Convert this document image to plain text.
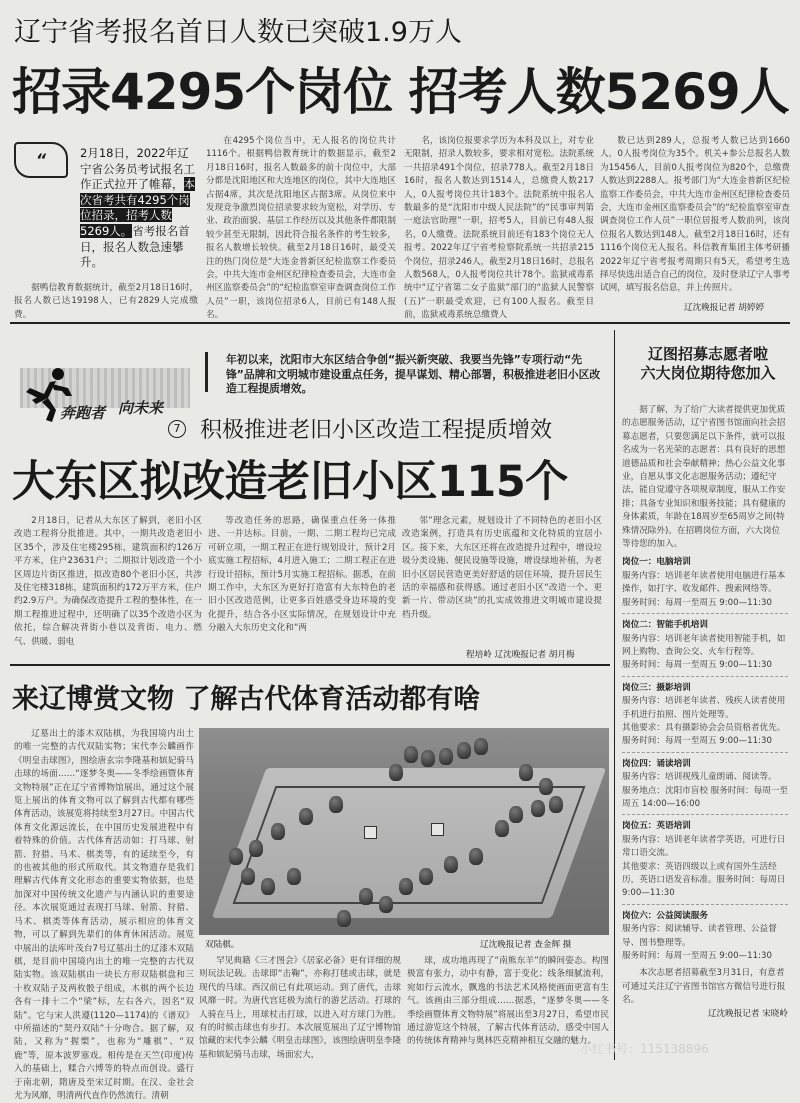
辽宁省考报名首日人数已突破1.9万人
招录4295个岗位 招考人数5269人
“	2月18日，2022年辽宁省公务员考试报名工作正式拉开了帷幕，本次省考共有4295个岗位招录，招考人数5269人。省考报名首日，报名人数急速攀升。

据鸭信教育数据统计，截至2月18日16时，报名人数已达19198人，已有2829人完成缴费。

在4295个岗位当中，无人报名的岗位共计1116个。根据鸭信教育统计的数据显示，截至2月18日16时，报名人数最多的前十岗位中，大部分都是沈阳地区和大连地区的岗位，其中大连地区占据4席，其次是沈阳地区占据3席。从岗位来中发现竞争激烈岗位招录要求较为宽松，对学历、专业、政治面貌、基层工作经历以及其他条件都限制较少甚至无限制，因此符合报名条件的考生较多，报名人数增长较快。截至2月18日16时，最受关注的热门岗位是“大连金普新区纪检监察工作委员会，中共大连市金州区纪律检查委员会，大连市金州区监察委员会”的“纪检监察室审查调查岗位工作人员”一职，该岗位招录6人，目前已有148人报名。

名，该岗位报要求学历为本科及以上，对专业无限制，招录人数较多，要求相对宽松。法院系统一共招录491个岗位，招录778人。截至2月18日16时，报名人数达到1514人，总缴费人数217人，0人报考岗位共计183个。法院系统中报名人数最多的是“沈阳市中级人民法院”的“民事审判第一庭法官助理”一职，招考5人，目前已有48人报名，0人缴费。法院系统目前还有183个岗位无人报考。2022年辽宁省考检察院系统一共招录215个岗位，招录246人，截至2月18日16时，总报名人数568人，0人报考岗位共计78个。监狱戒毒系统中“辽宁省第二女子监狱”部门的“监狱人民警察(五)”一职最受欢迎，已有100人报名。截至目前，监狱戒毒系统总缴费人

数已达到289人，总报考人数已达到1660人，0人报考岗位为35个。机关+参公总报名人数为15456人，目前0人报考岗位为820个，总缴费人数达到2288人。报考部门为“大连金普新区纪检监察工作委员会，中共大连市金州区纪律检查委员会，大连市金州区监察委员会”的“纪检监察室审查调查岗位工作人员”一职位居报考人数前列，该岗位报名人数达到148人。截至2月18日16时，还有1116个岗位无人报名。科信教育集团主体考研播2022年辽宁省考报考周期只有5天，希望考生选择尽快选出适合自己的岗位，及时登录辽宁人事考试网，填写报名信息，并上传照片。

辽沈晚报记者 胡婷婷
年初以来，沈阳市大东区结合争创“振兴新突破、我要当先锋”专项行动“先锋”品牌和文明城市建设重点任务，提早谋划、精心部署，积极推进老旧小区改造工程提质增效。
奔跑者 向未来
7 积极推进老旧小区改造工程提质增效
大东区拟改造老旧小区115个

2月18日，记者从大东区了解到，老旧小区改造工程将分批推进。其中，一期共改造老旧小区35个，涉及住宅楼295栋，建筑面积约126万平方米，住户23631户；二期拟计划改造一个小区周边片街区推进，拟改造80个老旧小区，共涉及住宅楼318栋，建筑面积约172万平方米，住户约2.9万户。为确保改造提升工程的整体性，在一期工程推进过程中，还明确了以35个改造小区为依托，综合解决背街小巷以及背街、电力、燃气、供暖、弱电

等改造任务的思路，确保重点任务一体推进、一并达标。目前，一期、二期工程均已完成可研立项，一期工程正在进行规划设计，预计2月底实施工程招标，4月进入施工；二期工程正在进行设计招标，预计5月实施工程招标。据悉，在前期工作中，大东区为更好打造富有大东特色的老旧小区改造范例，让更多百姓感受身边环境的变化提升，结合各小区实际情况，在规划设计中充分融入大东历史文化和“两

邻”理念元素，规划设计了不同特色的老旧小区改造案例，打造具有历史底蕴和文化特质的宜居小区。接下来，大东区还将在改造提升过程中，增设垃圾分类设施、便民设施等设施，增设绿地补植，为老旧小区居民营造更美好舒适的居住环境，提升居民生活的幸福感和获得感。通过老旧小区“改造一个、更新一片、带动区块”的扎实成效推进文明城市建设提档升级。

程培岭 辽沈晚报记者 胡月梅
辽图招募志愿者啦
六大岗位期待您加入

据了解，为了给广大读者提供更加优质的志愿服务活动，辽宁省图书馆面向社会招募志愿者，只要您满足以下条件，就可以报名成为一名光荣的志愿者：具有良好的思想道德品质和社会奉献精神；热心公益文化事业，自愿从事文化志愿服务活动；遵纪守法，能自觉遵守各项规章制度，服从工作安排；具备专业知识和服务技能；具有健康的身体素质，年龄在18周岁至65周岁之间(特殊情况除外)。在招聘岗位方面，六大岗位等待您的加入。

岗位一：电脑培训
服务内容：培训老年读者使用电脑进行基本操作，如打字、收发邮件、搜索网络等。
服务时间：每周一至周五 9:00—11:30
岗位二：智能手机培训
服务内容：培训老年读者使用智能手机，如网上购物、查询公交、火车行程等。
服务时间：每周一至周五 9:00—11:30
岗位三：摄影培训
服务内容：培训老年读者、残疾人读者使用手机进行拍照、图片处理等。
其他要求：具有摄影协会会员资格者优先。服务时间：每周一至周五 9:00—11:30
岗位四：诵读培训
服务内容：培训视残儿童朗诵、阅读等。
服务地点：沈阳市盲校 服务时间：每周一至周五 14:00—16:00
岗位五：英语培训
服务内容：培训老年读者学英语，可进行日常口语交流。
其他要求：英语四级以上或有国外生活经历，英语口语发音标准。服务时间：每周日 9:00—11:30
岗位六：公益阅读服务
服务内容：阅读辅导、读者管理、公益督导、图书整理等。
服务时间：每周一至周五 9:00—11:30

本次志愿者招募截至3月31日，有意者可通过关注辽宁省图书馆官方微信号进行报名。

辽沈晚报记者 宋晓岭

来辽博赏文物 了解古代体育活动都有啥

辽墓出土的漆木双陆棋，为我国境内出土的唯一完整的古代双陆实物；宋代李公麟画作《明皇击球图》，图绘唐玄宗李隆基和嫔妃骑马击球的场面……“逐梦冬奥——冬季绘画暨体育文物特展”正在辽宁省博物馆展出，通过这个展览上展出的体育文物可以了解到古代都有哪些体育活动，该展览将持续至3月27日。中国古代体育文化源远流长，在中国历史发展进程中有着特殊的价值。古代体育活动如：打马球、射箭、狩猎、马术、棋类等，有的延续至今，有的也被其他的形式所取代。其文物遗存是我们理解古代体育文化形态的重要实物依据，也是加深对中国传统文化遗产与内涵认识的重要途径。本次展览通过表现打马球、射箭、狩猎、马术、棋类等体育活动，展示相应的体育文物，可以了解到先辈们的体育休闲活动。展览中展出的法库叶茂台7号辽墓出土的辽漆木双陆棋，是目前中国境内出土的唯一完整的古代双陆实物。该双陆棋由一块长方形双陆棋盘和三十枚双陆子及两枚骰子组成，木棋的两个长边各有一排十二个“梁”标，左右各六，因名“双陆”。它与宋人洪遵(1120—1174)的《谱双》中所描述的“契丹双陆”十分吻合。据了解，双陆，又称为“握槊”，也称为“雕棋”、“双鹿”等，原本波罗塞戏。相传是在天竺(印度)传入的基础上，糅合六博等的特点而创设。盛行于南北朝，隋唐及至宋辽时期。在汉、金社会尤为风靡，明清两代直作仍然流行。清朝

双陆棋。	辽沈晚报记者 查金辉 摄

罕见典籍《三才图会》《居家必备》更有详细的规则玩法记载。击球即“击鞠”，亦称打毬或击球，就是现代的马球。西汉前已有此项运动。到了唐代，击球风靡一时。为唐代宫廷极为流行的游艺活动。打球的人骑在马上，用球杖击打球，以进入对方球门为胜。有的时候击球也有步打。本次展览展出了辽宁博物馆馆藏的宋代李公麟《明皇击球图》，该图绘唐明皇李隆基和嫔妃骑马击球，场面宏大，

球，成功地再现了“南熊东羊”的瞬间姿态。构图极富有张力，动中有静，富于变化；线条细腻流利，宛如行云流水，飘逸的书法艺术风格使画面更富有生气。该画由三部分组成……据悉，“逐梦冬奥——冬季绘画暨体育文物特展”将展出至3月27日，希望市民通过游览这个特展，了解古代体育活动，感受中国人的传统体育精神与奥林匹克精神相互交融的魅力。

小红书号：115138896
